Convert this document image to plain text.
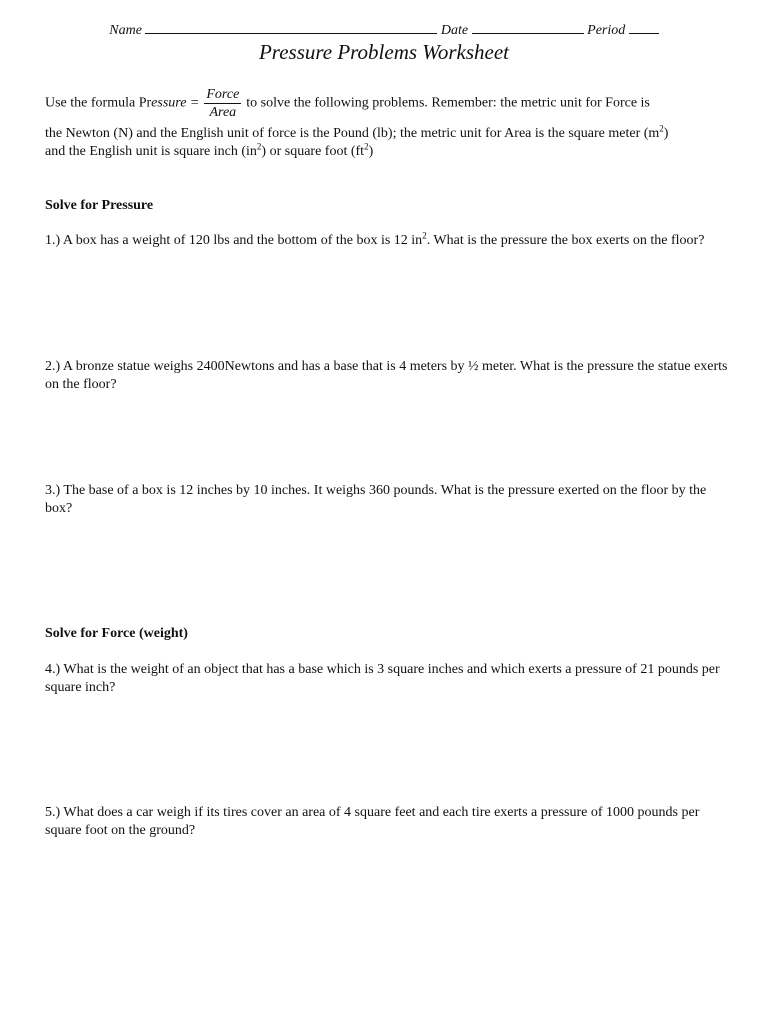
Name	Date	Period
Pressure Problems Worksheet
Use the formula Pressure = $\frac{\text{Force}}{\text{Area}}$ to solve the following problems. Remember: the metric unit for Force is
the Newton (N) and the English unit of force is the Pound (lb); the metric unit for Area is the square meter $(m^2)$
and the English unit is square inch $(in^2)$ or square foot $(ft^2)$
Solve for Pressure
1.) A box has a weight of 120 lbs and the bottom of the box is 12 $in^2$. What is the pressure the box exerts on the floor?
2.) A bronze statue weighs 2400Newtons and has a base that is 4 meters by ½ meter. What is the pressure the statue exerts on the floor?
3.) The base of a box is 12 inches by 10 inches. It weighs 360 pounds. What is the pressure exerted on the floor by the box?
Solve for Force (weight)
4.) What is the weight of an object that has a base which is 3 square inches and which exerts a pressure of 21 pounds per square inch?
5.) What does a car weigh if its tires cover an area of 4 square feet and each tire exerts a pressure of 1000 pounds per square foot on the ground?
